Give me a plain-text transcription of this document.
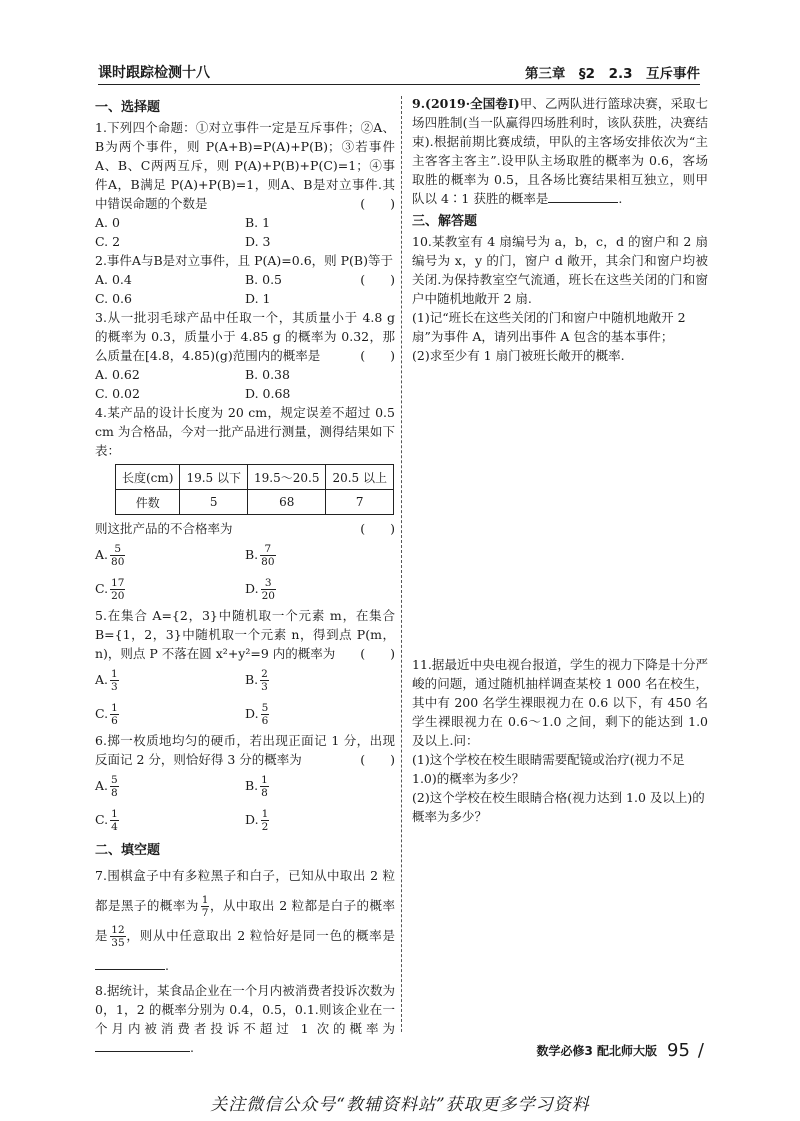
课时跟踪检测十八	第三章　§2　2.3　互斥事件
一、选择题
1.下列四个命题：①对立事件一定是互斥事件；②A、B为两个事件，则 P(A+B)=P(A)+P(B)；③若事件A、B、C两两互斥，则 P(A)+P(B)+P(C)=1；④事件A，B满足 P(A)+P(B)=1，则A、B是对立事件.其中错误命题的个数是	(　　)
A. 0	B. 1
C. 2	D. 3
2.事件A与B是对立事件，且 P(A)=0.6，则 P(B)等于
(　　)
A. 0.4	B. 0.5
C. 0.6	D. 1
3.从一批羽毛球产品中任取一个，其质量小于 4.8 g 的概率为 0.3，质量小于 4.85 g 的概率为 0.32，那么质量在[4.8，4.85)(g)范围内的概率是	(　　)
A. 0.62	B. 0.38
C. 0.02	D. 0.68
4.某产品的设计长度为 20 cm，规定误差不超过 0.5 cm 为合格品，今对一批产品进行测量，测得结果如下表：
长度(cm)	19.5 以下	19.5～20.5	20.5 以上
件数	5	68	7
则这批产品的不合格率为	(　　)
A. $\frac{5}{80}$	B. $\frac{7}{80}$
C. $\frac{17}{20}$	D. $\frac{3}{20}$
5.在集合 A={2，3}中随机取一个元素 m，在集合 B={1，2，3}中随机取一个元素 n，得到点 P(m，n)，则点 P 不落在圆 x²+y²=9 内的概率为 (　　)
A. $\frac{1}{3}$	B. $\frac{2}{3}$
C. $\frac{1}{6}$	D. $\frac{5}{6}$
6.掷一枚质地均匀的硬币，若出现正面记 1 分，出现反面记 2 分，则恰好得 3 分的概率为	(　　)
A. $\frac{5}{8}$	B. $\frac{1}{8}$
C. $\frac{1}{4}$	D. $\frac{1}{2}$
二、填空题
7.围棋盒子中有多粒黑子和白子，已知从中取出 2 粒都是黑子的概率为 $\frac{1}{7}$ ，从中取出 2 粒都是白子的概率是 $\frac{12}{35}$ ，则从中任意取出 2 粒恰好是同一色的概率是.
8.据统计，某食品企业在一个月内被消费者投诉次数为 0，1，2 的概率分别为 0.4，0.5，0.1.则该企业在一个月内被消费者投诉不超过 1 次的概率为.
9.(2019·全国卷Ⅰ)甲、乙两队进行篮球决赛，采取七场四胜制(当一队赢得四场胜利时，该队获胜，决赛结束).根据前期比赛成绩，甲队的主客场安排依次为“主主客客主客主”.设甲队主场取胜的概率为 0.6，客场取胜的概率为 0.5，且各场比赛结果相互独立，则甲队以 4∶1 获胜的概率是	.
三、解答题
10.某教室有 4 扇编号为 a，b，c，d 的窗户和 2 扇编号为 x，y 的门，窗户 d 敞开，其余门和窗户均被关闭.为保持教室空气流通，班长在这些关闭的门和窗户中随机地敞开 2 扇.
(1)记“班长在这些关闭的门和窗户中随机地敞开 2 扇”为事件 A，请列出事件 A 包含的基本事件；
(2)求至少有 1 扇门被班长敞开的概率.
11.据最近中央电视台报道，学生的视力下降是十分严峻的问题，通过随机抽样调查某校 1 000 名在校生，其中有 200 名学生裸眼视力在 0.6 以下，有 450 名学生裸眼视力在 0.6～1.0 之间，剩下的能达到 1.0 及以上.问：
(1)这个学校在校生眼睛需要配镜或治疗(视力不足1.0)的概率为多少？
(2)这个学校在校生眼睛合格(视力达到 1.0 及以上)的概率为多少？
数学必修3 配北师大版 95 /
关注微信公众号“教辅资料站”获取更多学习资料
